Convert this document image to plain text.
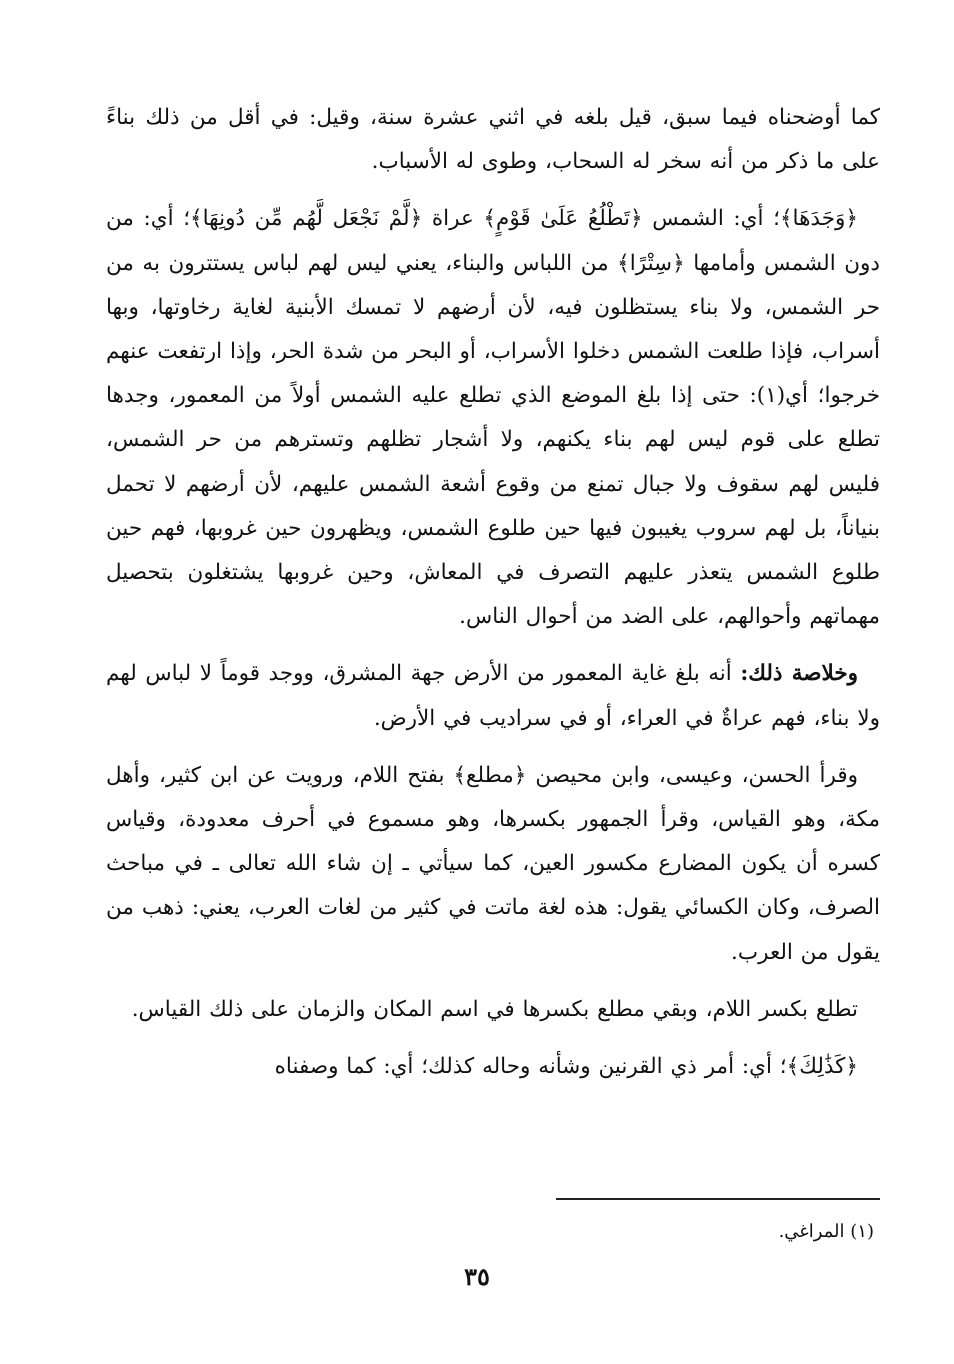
كما أوضحناه فيما سبق، قيل بلغه في اثني عشرة سنة، وقيل: في أقل من ذلك بناءً على ما ذكر من أنه سخر له السحاب، وطوى له الأسباب.

﴿وَجَدَهَا﴾؛ أي: الشمس ﴿تَطْلُعُ عَلَىٰ قَوْمٍ﴾ عراة ﴿لَّمْ نَجْعَل لَّهُم مِّن دُونِهَا﴾؛ أي: من دون الشمس وأمامها ﴿سِتْرًا﴾ من اللباس والبناء، يعني ليس لهم لباس يستترون به من حر الشمس، ولا بناء يستظلون فيه، لأن أرضهم لا تمسك الأبنية لغاية رخاوتها، وبها أسراب، فإذا طلعت الشمس دخلوا الأسراب، أو البحر من شدة الحر، وإذا ارتفعت عنهم خرجوا؛ أي(١): حتى إذا بلغ الموضع الذي تطلع عليه الشمس أولاً من المعمور، وجدها تطلع على قوم ليس لهم بناء يكنهم، ولا أشجار تظلهم وتسترهم من حر الشمس، فليس لهم سقوف ولا جبال تمنع من وقوع أشعة الشمس عليهم، لأن أرضهم لا تحمل بنياناً، بل لهم سروب يغيبون فيها حين طلوع الشمس، ويظهرون حين غروبها، فهم حين طلوع الشمس يتعذر عليهم التصرف في المعاش، وحين غروبها يشتغلون بتحصيل مهماتهم وأحوالهم، على الضد من أحوال الناس.

وخلاصة ذلك: أنه بلغ غاية المعمور من الأرض جهة المشرق، ووجد قوماً لا لباس لهم ولا بناء، فهم عراةٌ في العراء، أو في سراديب في الأرض.

وقرأ الحسن، وعيسى، وابن محيصن ﴿مطلع﴾ بفتح اللام، ورويت عن ابن كثير، وأهل مكة، وهو القياس، وقرأ الجمهور بكسرها، وهو مسموع في أحرف معدودة، وقياس كسره أن يكون المضارع مكسور العين، كما سيأتي ـ إن شاء الله تعالى ـ في مباحث الصرف، وكان الكسائي يقول: هذه لغة ماتت في كثير من لغات العرب، يعني: ذهب من يقول من العرب.

تطلع بكسر اللام، وبقي مطلع بكسرها في اسم المكان والزمان على ذلك القياس.

﴿كَذَٰلِكَ﴾؛ أي: أمر ذي القرنين وشأنه وحاله كذلك؛ أي: كما وصفناه

(١) المراغي.
٣٥
